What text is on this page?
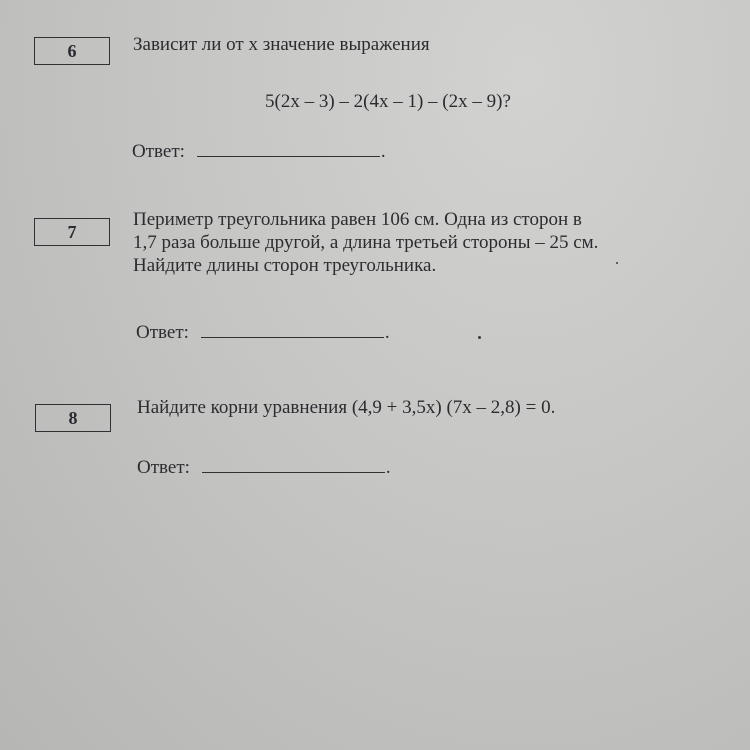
6	Зависит ли от x значение выражения
5(2x – 3) – 2(4x – 1) – (2x – 9)?
Ответ:	.
7
Периметр треугольника равен 106 см. Одна из сторон в
1,7 раза больше другой, а длина третьей стороны – 25 см.
Найдите длины сторон треугольника.
Ответ:	.
8	Найдите корни уравнения (4,9 + 3,5x) (7x – 2,8) = 0.
Ответ:	.
